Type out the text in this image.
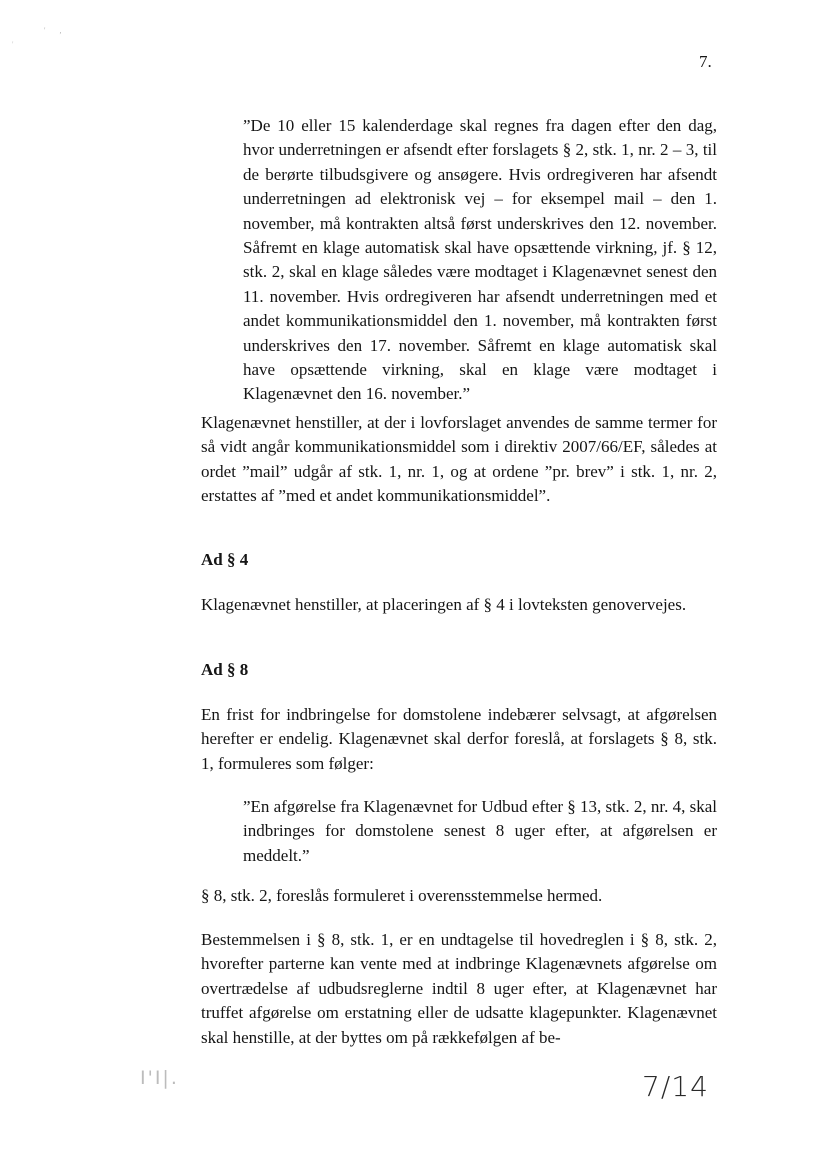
' ,
'
7.

”De 10 eller 15 kalenderdage skal regnes fra dagen efter den dag, hvor underretningen er afsendt efter forslagets § 2, stk. 1, nr. 2 – 3, til de berørte tilbudsgivere og ansøgere. Hvis ordregiveren har afsendt underretningen ad elektronisk vej – for eksempel mail – den 1. november, må kontrakten altså først underskrives den 12. november. Såfremt en klage automatisk skal have opsættende virkning, jf. § 12, stk. 2, skal en klage således være modtaget i Klagenævnet senest den 11. november. Hvis ordregiveren har afsendt underretningen med et andet kommunikationsmiddel den 1. november, må kontrakten først underskrives den 17. november. Såfremt en klage automatisk skal have opsættende virkning, skal en klage være modtaget i Klagenævnet den 16. november.”

Klagenævnet henstiller, at der i lovforslaget anvendes de samme termer for så vidt angår kommunikationsmiddel som i direktiv 2007/66/EF, således at ordet ”mail” udgår af stk. 1, nr. 1, og at ordene ”pr. brev” i stk. 1, nr. 2, erstattes af ”med et andet kommunikationsmiddel”.

Ad § 4

Klagenævnet henstiller, at placeringen af § 4 i lovteksten genovervejes.

Ad § 8

En frist for indbringelse for domstolene indebærer selvsagt, at afgørelsen herefter er endelig. Klagenævnet skal derfor foreslå, at forslagets § 8, stk. 1, formuleres som følger:

”En afgørelse fra Klagenævnet for Udbud efter § 13, stk. 2, nr. 4, skal indbringes for domstolene senest 8 uger efter, at afgørelsen er meddelt.”

§ 8, stk. 2, foreslås formuleret i overensstemmelse hermed.

Bestemmelsen i § 8, stk. 1, er en undtagelse til hovedreglen i § 8, stk. 2, hvorefter parterne kan vente med at indbringe Klagenævnets afgørelse om overtrædelse af udbudsreglerne indtil 8 uger efter, at Klagenævnet har truffet afgørelse om erstatning eller de udsatte klagepunkter. Klagenævnet skal henstille, at der byttes om på rækkefølgen af be-

I'I|.	7/14
